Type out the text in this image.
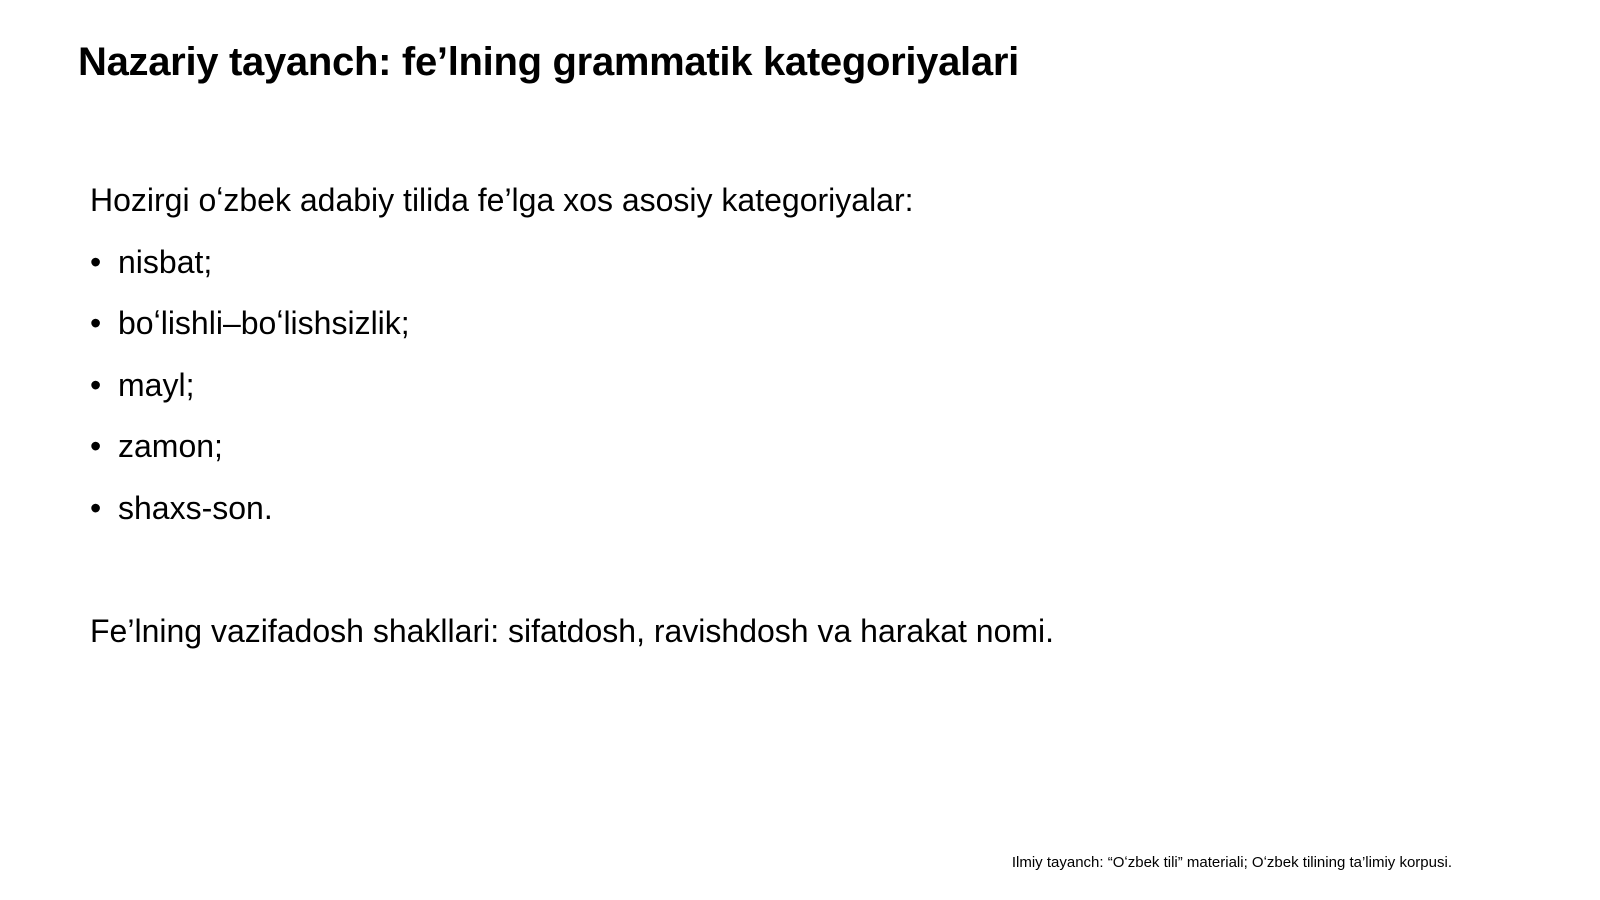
Nazariy tayanch: fe’lning grammatik kategoriyalari
Hozirgi oʻzbek adabiy tilida fe’lga xos asosiy kategoriyalar:
• nisbat;
• boʻlishli–boʻlishsizlik;
• mayl;
• zamon;
• shaxs-son.
Fe’lning vazifadosh shakllari: sifatdosh, ravishdosh va harakat nomi.
Ilmiy tayanch: “Oʻzbek tili” materiali; Oʻzbek tilining ta’limiy korpusi.
